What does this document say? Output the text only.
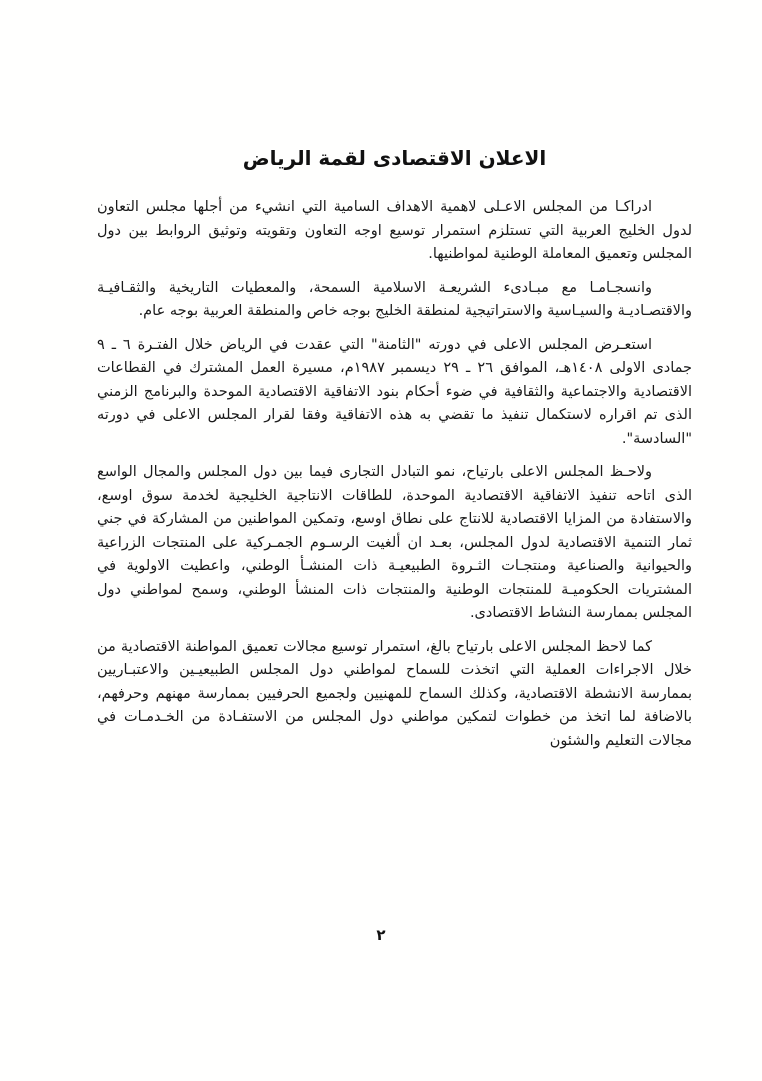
الاعلان الاقتصادى لقمة الرياض

ادراكـا من المجلس الاعـلى لاهمية الاهداف السامية التي انشيء من أجلها مجلس التعاون لدول الخليج العربية التي تستلزم استمرار توسيع اوجه التعاون وتقويته وتوثيق الروابط بين دول المجلس وتعميق المعاملة الوطنية لمواطنيها.

وانسجـامـا مع مبـادىء الشريعـة الاسلامية السمحة، والمعطيات التاريخية والثقـافيـة والاقتصـاديـة والسيـاسية والاستراتيجية لمنطقة الخليج بوجه خاص والمنطقة العربية بوجه عام.

استعـرض المجلس الاعلى في دورته "الثامنة" التي عقدت في الرياض خلال الفتـرة ٦ ـ ٩ جمادى الاولى ١٤٠٨هـ، الموافق ٢٦ ـ ٢٩ ديسمبر ١٩٨٧م، مسيرة العمل المشترك في القطاعات الاقتصادية والاجتماعية والثقافية في ضوء أحكام بنود الاتفاقية الاقتصادية الموحدة والبرنامج الزمني الذى تم اقراره لاستكمال تنفيذ ما تقضي به هذه الاتفاقية وفقا لقرار المجلس الاعلى في دورته "السادسة".

ولاحـظ المجلس الاعلى بارتياح، نمو التبادل التجارى فيما بين دول المجلس والمجال الواسع الذى اتاحه تنفيذ الاتفاقية الاقتصادية الموحدة، للطاقات الانتاجية الخليجية لخدمة سوق اوسع، والاستفادة من المزايا الاقتصادية للانتاج على نطاق اوسع، وتمكين المواطنين من المشاركة في جني ثمار التنمية الاقتصادية لدول المجلس، بعـد ان ألغيت الرسـوم الجمـركية على المنتجات الزراعية والحيوانية والصناعية ومنتجـات الثـروة الطبيعيـة ذات المنشـأ الوطني، واعطيت الاولوية في المشتريات الحكوميـة للمنتجات الوطنية والمنتجات ذات المنشأ الوطني، وسمح لمواطني دول المجلس بممارسة النشاط الاقتصادى.

كما لاحظ المجلس الاعلى بارتياح بالغ، استمرار توسيع مجالات تعميق المواطنة الاقتصادية من خلال الاجراءات العملية التي اتخذت للسماح لمواطني دول المجلس الطبيعيـين والاعتبـاريين بممارسة الانشطة الاقتصادية، وكذلك السماح للمهنيين ولجميع الحرفيين بممارسة مهنهم وحرفهم، بالاضافة لما اتخذ من خطوات لتمكين مواطني دول المجلس من الاستفـادة من الخـدمـات في مجالات التعليم والشئون

٢
